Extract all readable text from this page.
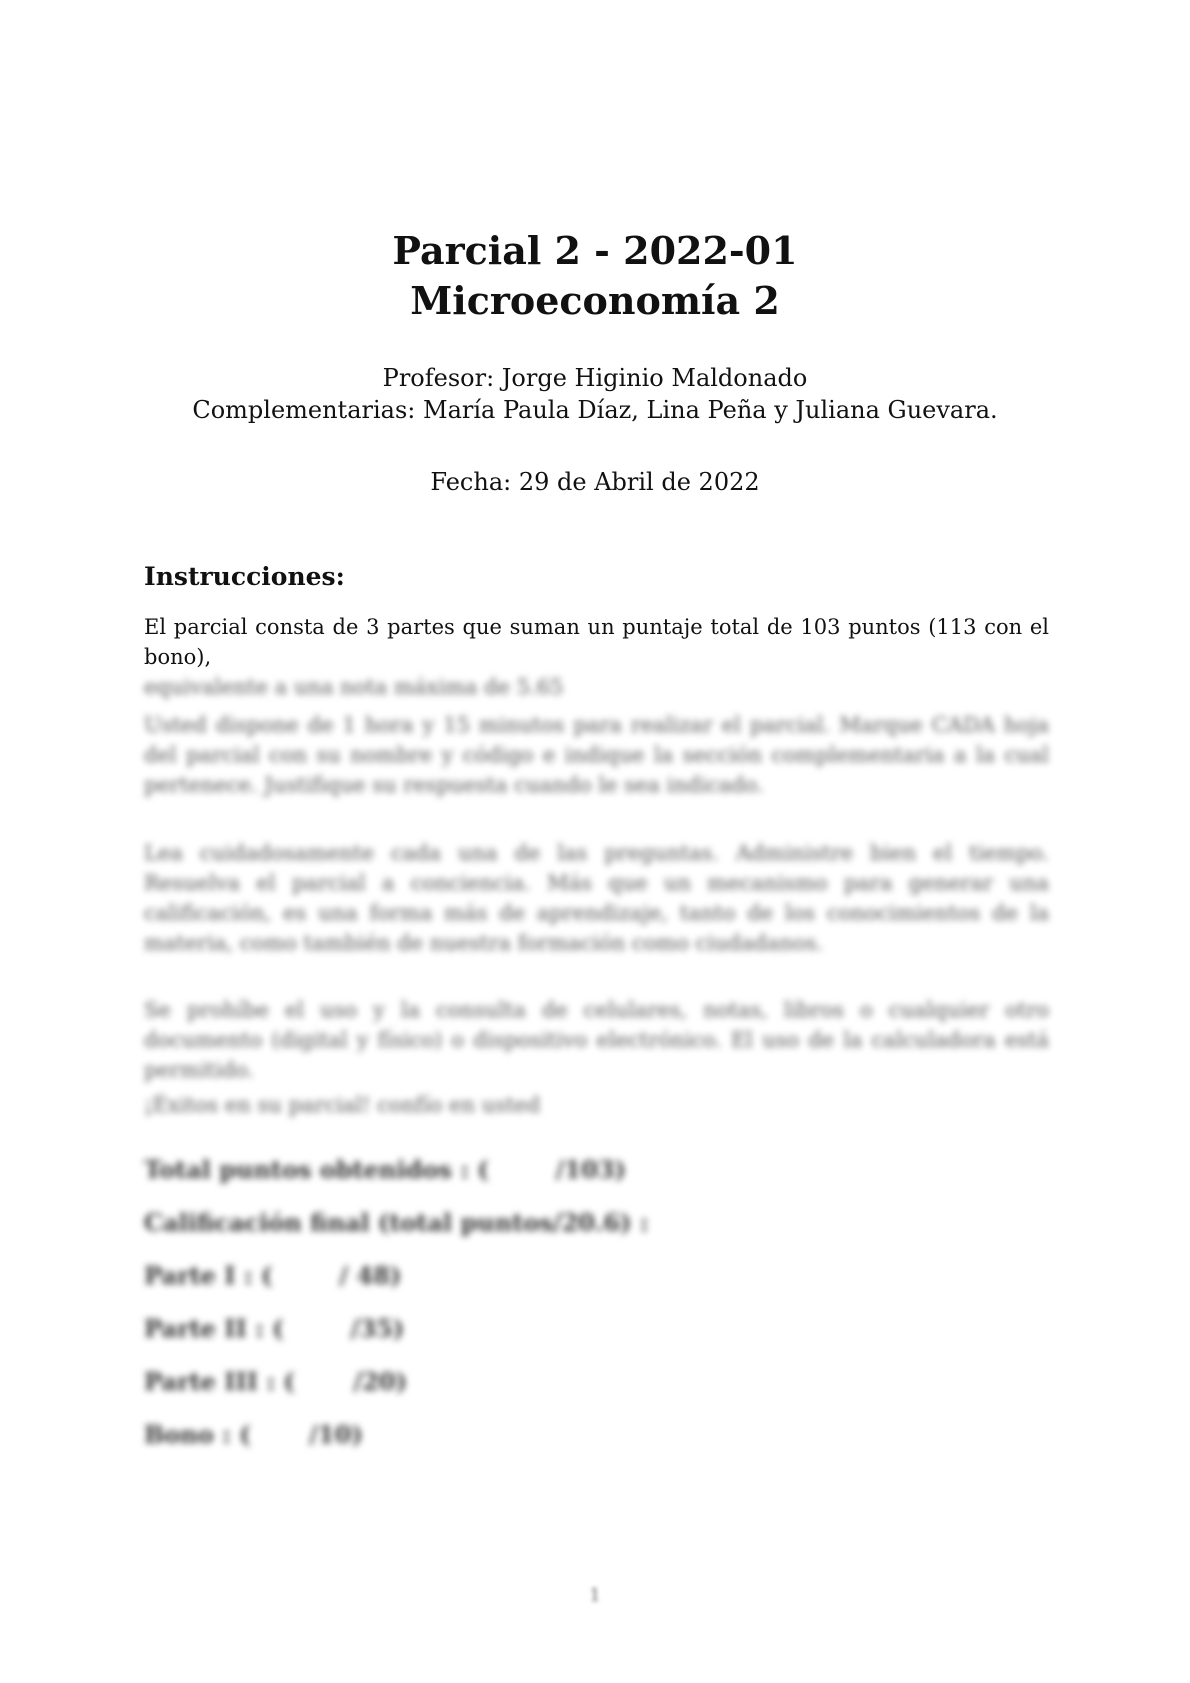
Parcial 2 - 2022-01
Microeconomía 2
Profesor: Jorge Higinio Maldonado
Complementarias: María Paula Díaz, Lina Peña y Juliana Guevara.
Fecha: 29 de Abril de 2022
Instrucciones:
El parcial consta de 3 partes que suman un puntaje total de 103 puntos (113 con el bono),
equivalente a una nota máxima de 5.65
Usted dispone de 1 hora y 15 minutos para realizar el parcial. Marque CADA hoja del parcial con su nombre y código e indique la sección complementaria a la cual pertenece. Justifique su respuesta cuando le sea indicado.
Lea cuidadosamente cada una de las preguntas. Administre bien el tiempo. Resuelva el parcial a conciencia. Más que un mecanismo para generar una calificación, es una forma más de aprendizaje, tanto de los conocimientos de la materia, como también de nuestra formación como ciudadanos.
Se prohíbe el uso y la consulta de celulares, notas, libros o cualquier otro documento (digital y físico) o dispositivo electrónico. El uso de la calculadora está permitido.
¡Éxitos en su parcial! confío en usted
Total puntos obtenidos : (        /103)
Calificación final (total puntos/20.6) :
Parte I : (        / 48)
Parte II : (        /35)
Parte III : (       /20)
Bono : (       /10)
1
